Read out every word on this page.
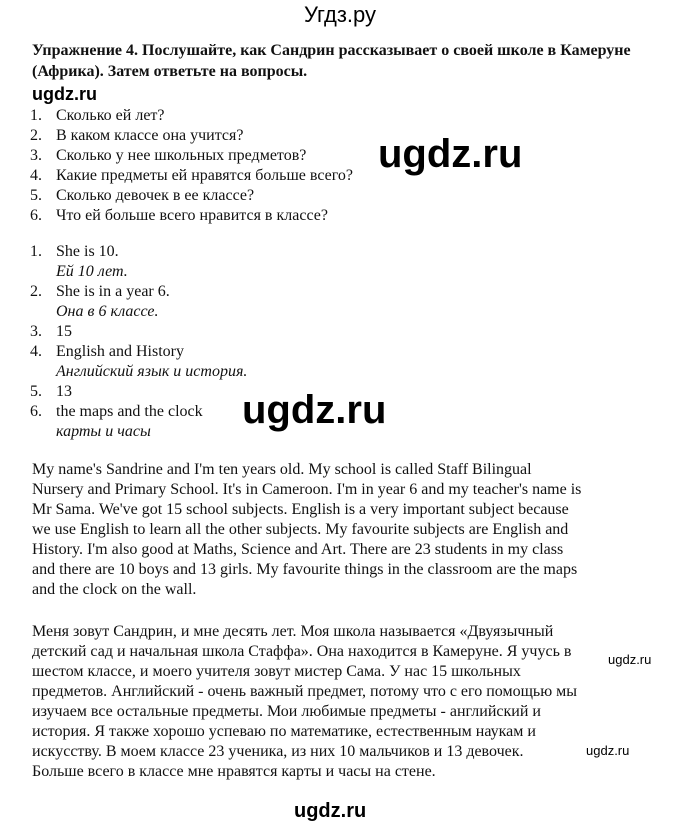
Угдз.ру
Упражнение 4. Послушайте, как Сандрин рассказывает о своей школе в Камеруне (Африка). Затем ответьте на вопросы.
ugdz.ru
ugdz.ru
ugdz.ru
ugdz.ru
ugdz.ru
ugdz.ru
1. Сколько ей лет?
2. В каком классе она учится?
3. Сколько у нее школьных предметов?
4. Какие предметы ей нравятся больше всего?
5. Сколько девочек в ее классе?
6. Что ей больше всего нравится в классе?
1. She is 10.
Ей 10 лет.
2. She is in a year 6.
Она в 6 классе.
3. 15
4. English and History
Английский язык и история.
5. 13
6. the maps and the clock
карты и часы
My name's Sandrine and I'm ten years old. My school is called Staff Bilingual
Nursery and Primary School. It's in Cameroon. I'm in year 6 and my teacher's name is
Mr Sama. We've got 15 school subjects. English is a very important subject because
we use English to learn all the other subjects. My favourite subjects are English and
History. I'm also good at Maths, Science and Art. There are 23 students in my class
and there are 10 boys and 13 girls. My favourite things in the classroom are the maps
and the clock on the wall.
Меня зовут Сандрин, и мне десять лет. Моя школа называется «Двуязычный
детский сад и начальная школа Стаффа». Она находится в Камеруне. Я учусь в
шестом классе, и моего учителя зовут мистер Сама. У нас 15 школьных
предметов. Английский - очень важный предмет, потому что с его помощью мы
изучаем все остальные предметы. Мои любимые предметы - английский и
история. Я также хорошо успеваю по математике, естественным наукам и
искусству. В моем классе 23 ученика, из них 10 мальчиков и 13 девочек.
Больше всего в классе мне нравятся карты и часы на стене.
